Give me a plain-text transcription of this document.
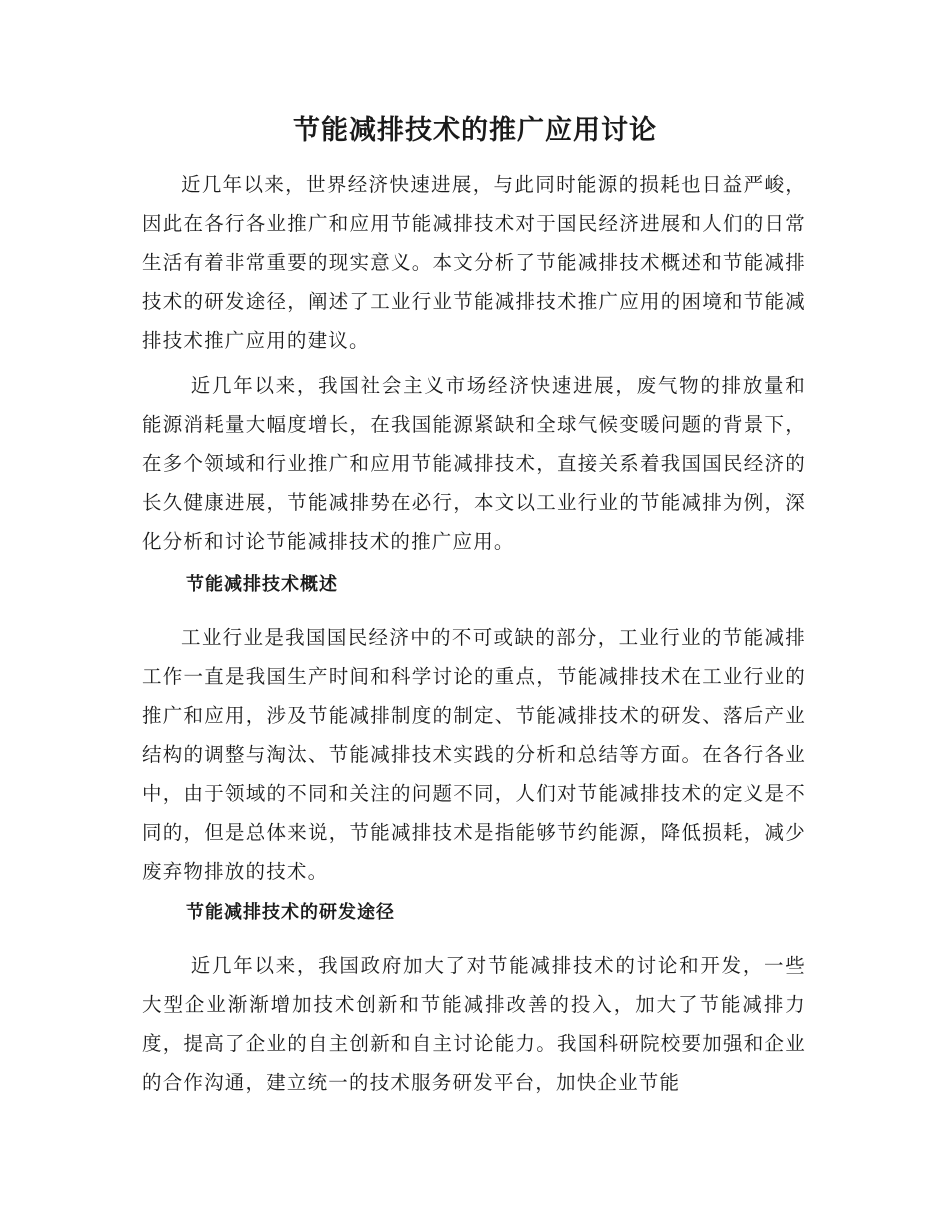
节能减排技术的推广应用讨论

近几年以来，世界经济快速进展，与此同时能源的损耗也日益严峻，因此在各行各业推广和应用节能减排技术对于国民经济进展和人们的日常生活有着非常重要的现实意义。本文分析了节能减排技术概述和节能减排技术的研发途径，阐述了工业行业节能减排技术推广应用的困境和节能减排技术推广应用的建议。

近几年以来，我国社会主义市场经济快速进展，废气物的排放量和能源消耗量大幅度增长，在我国能源紧缺和全球气候变暖问题的背景下，在多个领域和行业推广和应用节能减排技术，直接关系着我国国民经济的长久健康进展，节能减排势在必行，本文以工业行业的节能减排为例，深化分析和讨论节能减排技术的推广应用。

节能减排技术概述

工业行业是我国国民经济中的不可或缺的部分，工业行业的节能减排工作一直是我国生产时间和科学讨论的重点，节能减排技术在工业行业的推广和应用，涉及节能减排制度的制定、节能减排技术的研发、落后产业结构的调整与淘汰、节能减排技术实践的分析和总结等方面。在各行各业中，由于领域的不同和关注的问题不同，人们对节能减排技术的定义是不同的，但是总体来说，节能减排技术是指能够节约能源，降低损耗，减少废弃物排放的技术。

节能减排技术的研发途径

近几年以来，我国政府加大了对节能减排技术的讨论和开发，一些大型企业渐渐增加技术创新和节能减排改善的投入，加大了节能减排力度，提高了企业的自主创新和自主讨论能力。我国科研院校要加强和企业的合作沟通，建立统一的技术服务研发平台，加快企业节能
